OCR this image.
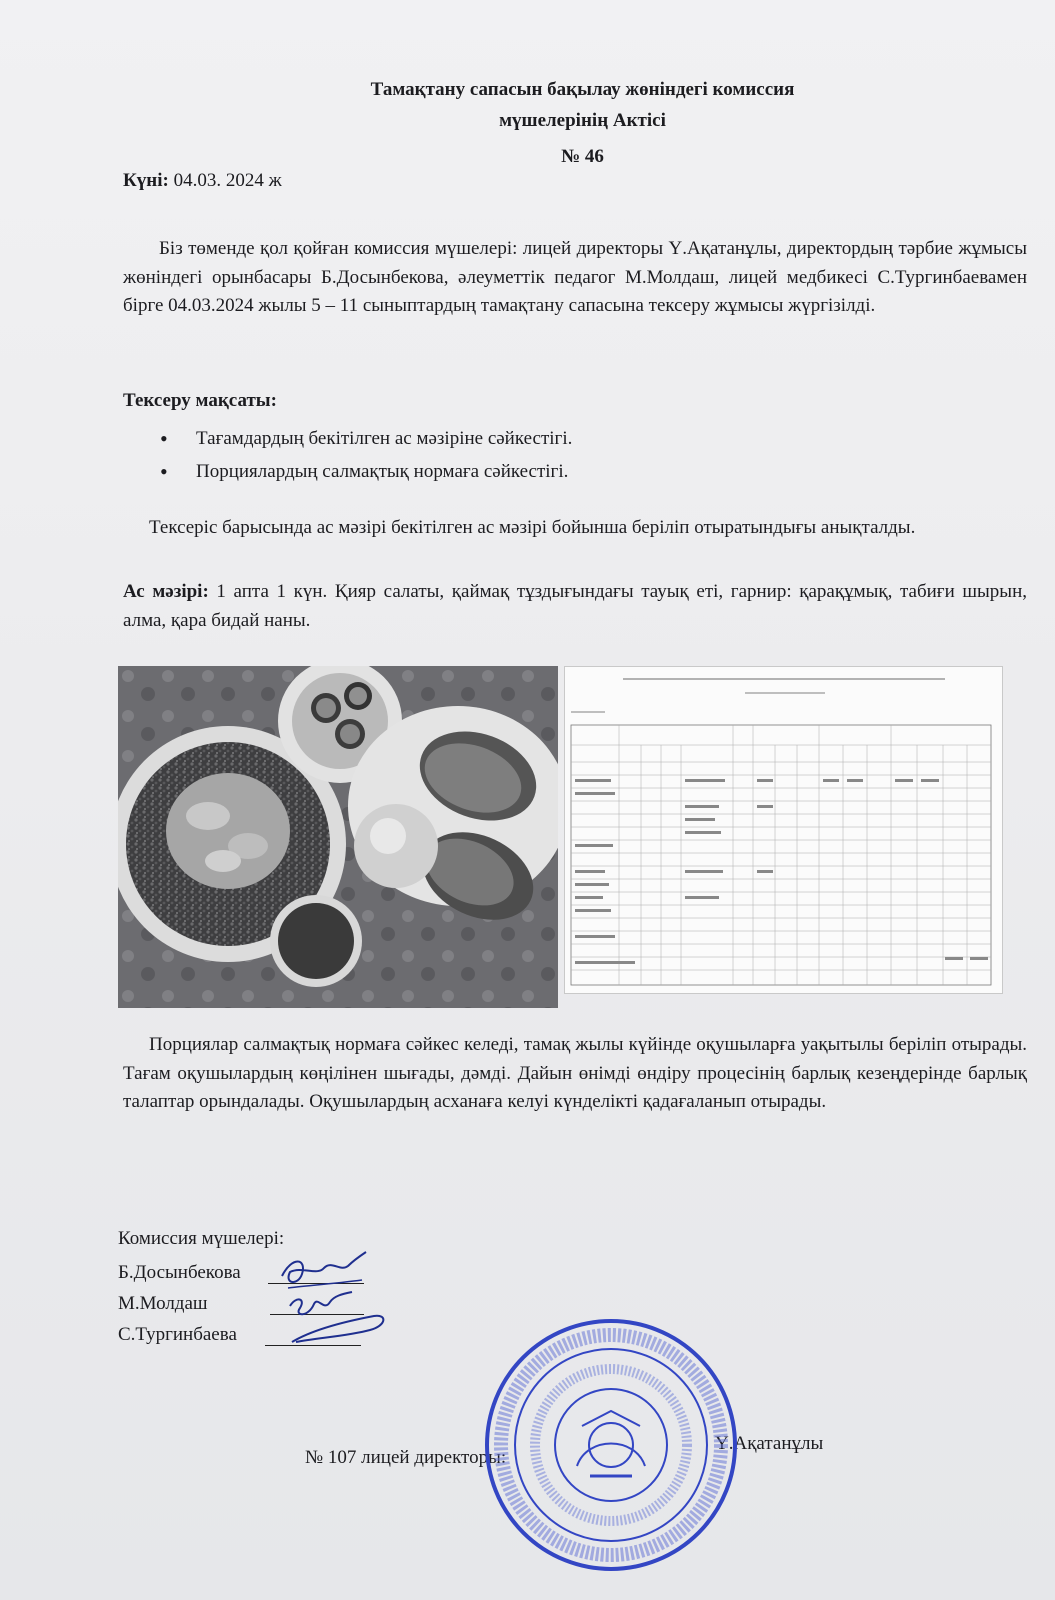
Тамақтану сапасын бақылау жөніндегі комиссия
мүшелерінің Актісі
№ 46
Күні: 04.03. 2024 ж
Біз төменде қол қойған комиссия мүшелері: лицей директоры Ү.Ақатанұлы, директордың тәрбие жұмысы жөніндегі орынбасары Б.Досынбекова, әлеуметтік педагог М.Молдаш, лицей медбикесі С.Тургинбаевамен бірге 04.03.2024 жылы 5 – 11 сыныптардың тамақтану сапасына тексеру жұмысы жүргізілді.
Тексеру мақсаты:
• Тағамдардың бекітілген ас мәзіріне сәйкестігі.
• Порциялардың салмақтық нормаға сәйкестігі.
Тексеріс барысында ас мәзірі бекітілген ас мәзірі бойынша беріліп отыратындығы анықталды.
Ас мәзірі: 1 апта 1 күн. Қияр салаты, қаймақ тұздығындағы тауық еті, гарнир: қарақұмық, табиғи шырын, алма, қара бидай наны.
Порциялар салмақтық нормаға сәйкес келеді, тамақ жылы күйінде оқушыларға уақытылы беріліп отырады. Тағам оқушылардың көңілінен шығады, дәмді. Дайын өнімді өндіру процесінің барлық кезеңдерінде барлық талаптар орындалады. Оқушылардың асханаға келуі күнделікті қадағаланып отырады.
Комиссия мүшелері:
Б.Досынбекова
М.Молдаш
С.Тургинбаева
№ 107 лицей директоры:
Ү.Ақатанұлы
